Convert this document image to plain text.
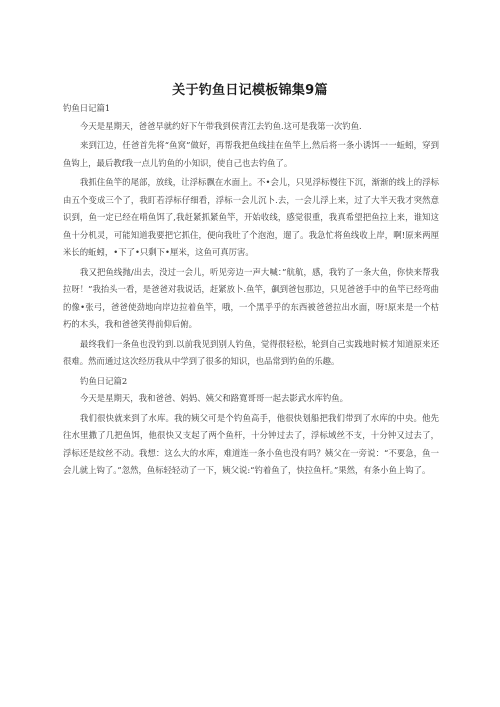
关于钓鱼日记模板锦集9篇

钓鱼日记篇1

今天是星期天，爸爸早就约好下午带我到侯青江去钓鱼.这可是我第一次钓鱼.

来到江边，任爸首先将“鱼窝”做好，再帮我把鱼线挂在鱼竿上,然后将一条小诱饵一一蚯蚓，穿到鱼钩上，最后教f我一点儿钓鱼的小知识，使自己也去钓鱼了。

我抓住鱼竿的尾部，放线，让浮标飘在水面上。不•会儿，只见浮标慢往下沉，渐渐的线上的浮标由五个变成三个了，我盯若浮标仔细看，浮标一会儿沉卜.去，一会儿浮上来，过了大半天我才突然意识到，鱼一定已经在啃鱼饵了,我赶紧抓紧鱼竿，开始收线，感觉很重，我真希望把鱼拉上来，谁知这鱼十分机灵，可能知道我要把它抓住，便向我吐了个泡泡，遛了。我急忙将鱼线收上岸，啊!原来两厘米长的蚯蚓，•下了•只剩下•厘米，这鱼可真厉害。

我又把鱼线抛/出去，没过一会儿，听见旁边一声大喊：”航航，感，我钓了一条大鱼，你快来帮我拉呀！”我抬头一看，是爸爸对我说话，赶紧放卜.鱼竿，飙到爸包那边，只见爸爸手中的鱼竿已经弯曲的像•张弓，爸爸使劲地向岸边拉着鱼竿，哦，一个黑乎乎的东西被爸爸拉出水面，呀!原来是一个枯朽的木头，我和爸爸笑得前仰后俯。

最终我们一条鱼也没钓到.以前我见到别人钓鱼，觉得很轻松，轮到自己实践地时候才知道原来还很难。然而通过这次经历我从中学到了很多的知识，也品常到钓鱼的乐趣。

钓鱼日记篇2

今天是星期天，我和爸爸、妈妈、姨父和路寛哥哥一起去影武水库钓鱼。

我们很快就来到了水库。我的姨父可是个钓鱼高手，他很快划船把我们带到了水库的中央。他先往水里撒了几把鱼饵，他很快又支起了两个鱼杆，十分钟过去了，浮标域丝不支，十分钟又过去了，浮标还是纹丝不动。我想：这么大的水库，难道连一条小鱼也没有吗？姨父在一旁说：“不要急，鱼一会儿就上钩了。”忽然，鱼标轻轻动了一下，姨父说:“钓着鱼了，快拉鱼杆。”果然，有条小鱼上钩了。
